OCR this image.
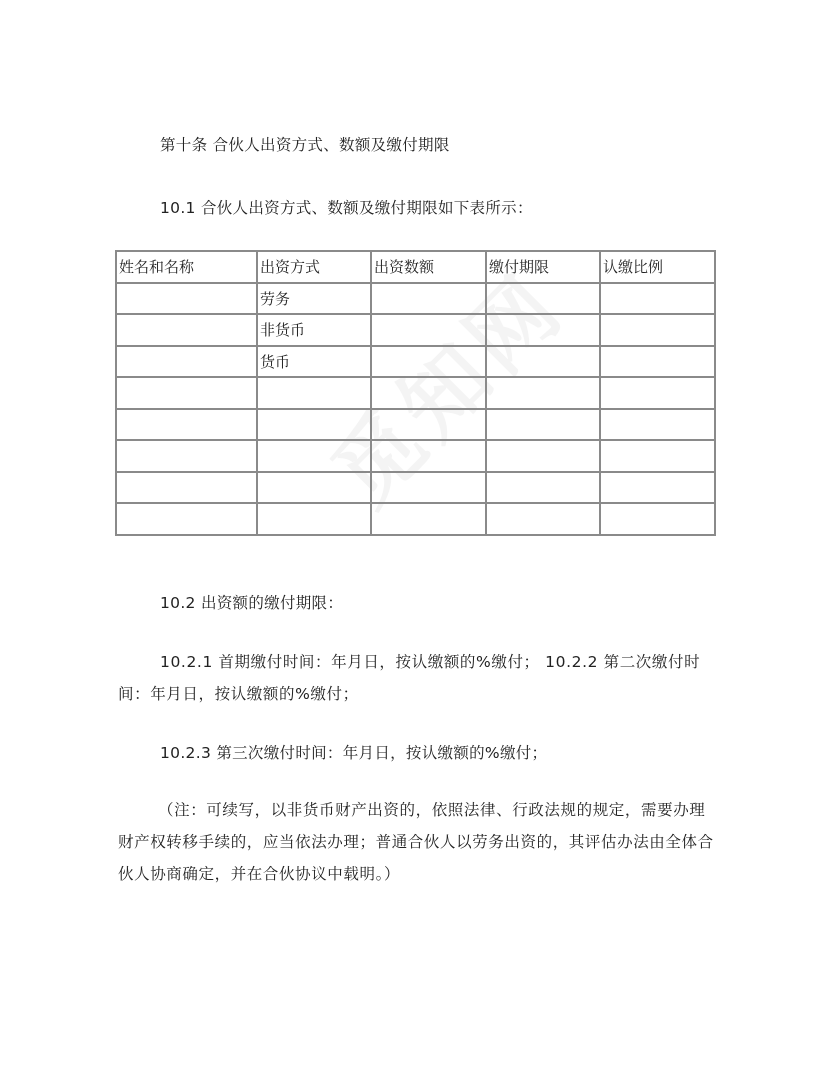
第十条 合伙人出资方式、数额及缴付期限
10.1 合伙人出资方式、数额及缴付期限如下表所示：
姓名和名称	出资方式	出资数额	缴付期限	认缴比例
	劳务			
	非货币			
	货币			

10.2 出资额的缴付期限：
10.2.1 首期缴付时间：年月日，按认缴额的%缴付； 10.2.2 第二次缴付时间：年月日，按认缴额的%缴付；
10.2.3 第三次缴付时间：年月日，按认缴额的%缴付；
（注：可续写，以非货币财产出资的，依照法律、行政法规的规定，需要办理财产权转移手续的，应当依法办理；普通合伙人以劳务出资的，其评估办法由全体合伙人协商确定，并在合伙协议中载明。）
